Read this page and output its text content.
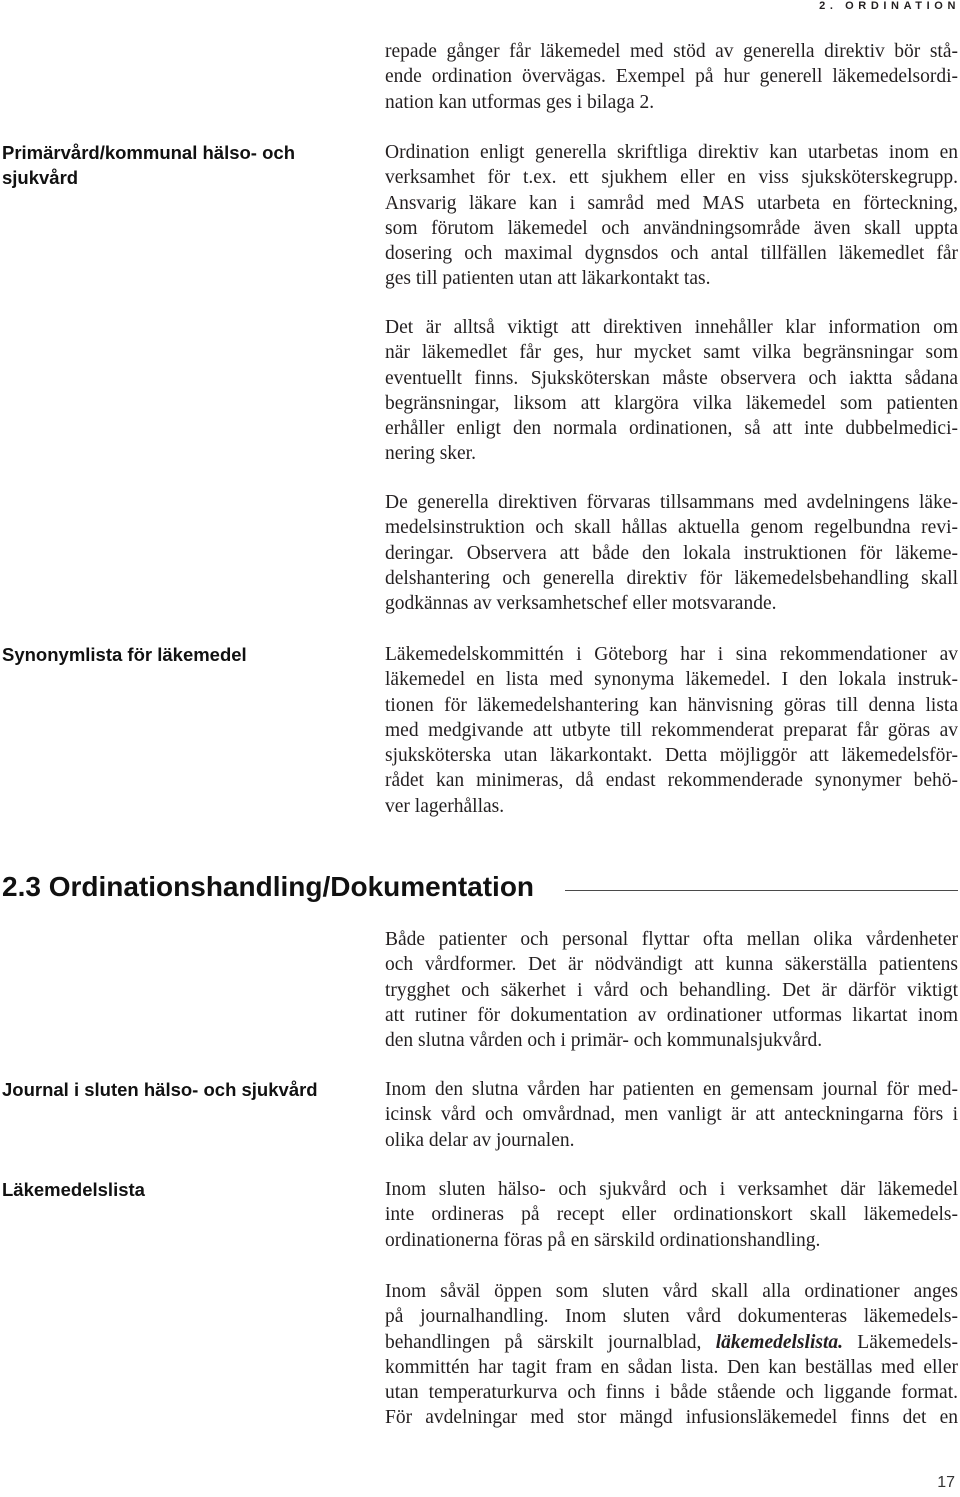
2. ORDINATION
repade gånger får läkemedel med stöd av generella direktiv bör stå-
ende ordination övervägas. Exempel på hur generell läkemedelsordi-
nation kan utformas ges i bilaga 2.
Primärvård/kommunal hälso- och
sjukvård
Ordination enligt generella skriftliga direktiv kan utarbetas inom en
verksamhet för t.ex. ett sjukhem eller en viss sjuksköterskegrupp.
Ansvarig läkare kan i samråd med MAS utarbeta en förteckning,
som förutom läkemedel och användningsområde även skall uppta
dosering och maximal dygnsdos och antal tillfällen läkemedlet får
ges till patienten utan att läkarkontakt tas.
Det är alltså viktigt att direktiven innehåller klar information om
när läkemedlet får ges, hur mycket samt vilka begränsningar som
eventuellt finns. Sjuksköterskan måste observera och iaktta sådana
begränsningar, liksom att klargöra vilka läkemedel som patienten
erhåller enligt den normala ordinationen, så att inte dubbelmedici-
nering sker.
De generella direktiven förvaras tillsammans med avdelningens läke-
medelsinstruktion och skall hållas aktuella genom regelbundna revi-
deringar. Observera att både den lokala instruktionen för läkeme-
delshantering och generella direktiv för läkemedelsbehandling skall
godkännas av verksamhetschef eller motsvarande.
Synonymlista för läkemedel	Läkemedelskommittén i Göteborg har i sina rekommendationer av
läkemedel en lista med synonyma läkemedel. I den lokala instruk-
tionen för läkemedelshantering kan hänvisning göras till denna lista
med medgivande att utbyte till rekommenderat preparat får göras av
sjuksköterska utan läkarkontakt. Detta möjliggör att läkemedelsför-
rådet kan minimeras, då endast rekommenderade synonymer behö-
ver lagerhållas.
2.3 Ordinationshandling/Dokumentation
Både patienter och personal flyttar ofta mellan olika vårdenheter
och vårdformer. Det är nödvändigt att kunna säkerställa patientens
trygghet och säkerhet i vård och behandling. Det är därför viktigt
att rutiner för dokumentation av ordinationer utformas likartat inom
den slutna vården och i primär- och kommunalsjukvård.
Journal i sluten hälso- och sjukvård	Inom den slutna vården har patienten en gemensam journal för med-
icinsk vård och omvårdnad, men vanligt är att anteckningarna förs i
olika delar av journalen.
Läkemedelslista	Inom sluten hälso- och sjukvård och i verksamhet där läkemedel
inte ordineras på recept eller ordinationskort skall läkemedels-
ordinationerna föras på en särskild ordinationshandling.
Inom såväl öppen som sluten vård skall alla ordinationer anges
på journalhandling. Inom sluten vård dokumenteras läkemedels-
behandlingen på särskilt journalblad, läkemedelslista. Läkemedels-
kommittén har tagit fram en sådan lista. Den kan beställas med eller
utan temperaturkurva och finns i både stående och liggande format.
För avdelningar med stor mängd infusionsläkemedel finns det en
17
